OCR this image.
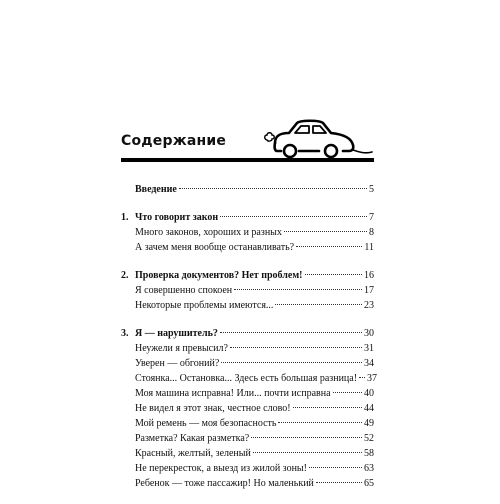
Содержание
Введение	5
1. Что говорит закон	7
Много законов, хороших и разных	8
А зачем меня вообще останавливать?	11
2. Проверка документов? Нет проблем!	16
Я совершенно спокоен	17
Некоторые проблемы имеются...	23
3. Я — нарушитель?	30
Неужели я превысил?	31
Уверен — обгоний?	34
Стоянка... Остановка... Здесь есть большая разница! 37
Моя машина исправна! Или... почти исправна	40
Не видел я этот знак, честное слово!	44
Мой ремень — моя безопасность	49
Разметка? Какая разметка?	52
Красный, желтый, зеленый	58
Не перекресток, а выезд из жилой зоны!	63
Ребенок — тоже пассажир! Но маленький	65
